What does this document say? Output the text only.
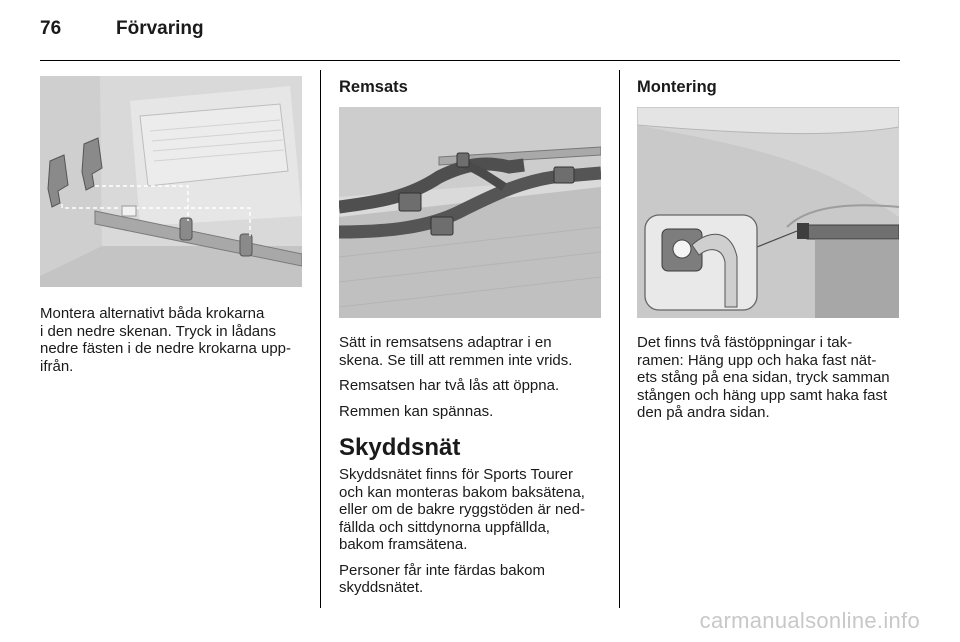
76	Förvaring
Montera alternativt båda krokarna
i den nedre skenan. Tryck in lådans
nedre fästen i de nedre krokarna upp-
ifrån.
Remsats

Sätt in remsatsens adaptrar i en
skena. Se till att remmen inte vrids.

Remsatsen har två lås att öppna.

Remmen kan spännas.

Skyddsnät

Skyddsnätet finns för Sports Tourer
och kan monteras bakom baksätena,
eller om de bakre ryggstöden är ned-
fällda och sittdynorna uppfällda,
bakom framsätena.

Personer får inte färdas bakom
skyddsnätet.

Montering
Det finns två fästöppningar i tak-
ramen: Häng upp och haka fast nät-
ets stång på ena sidan, tryck samman
stången och häng upp samt haka fast
den på andra sidan.
carmanualsonline.info
